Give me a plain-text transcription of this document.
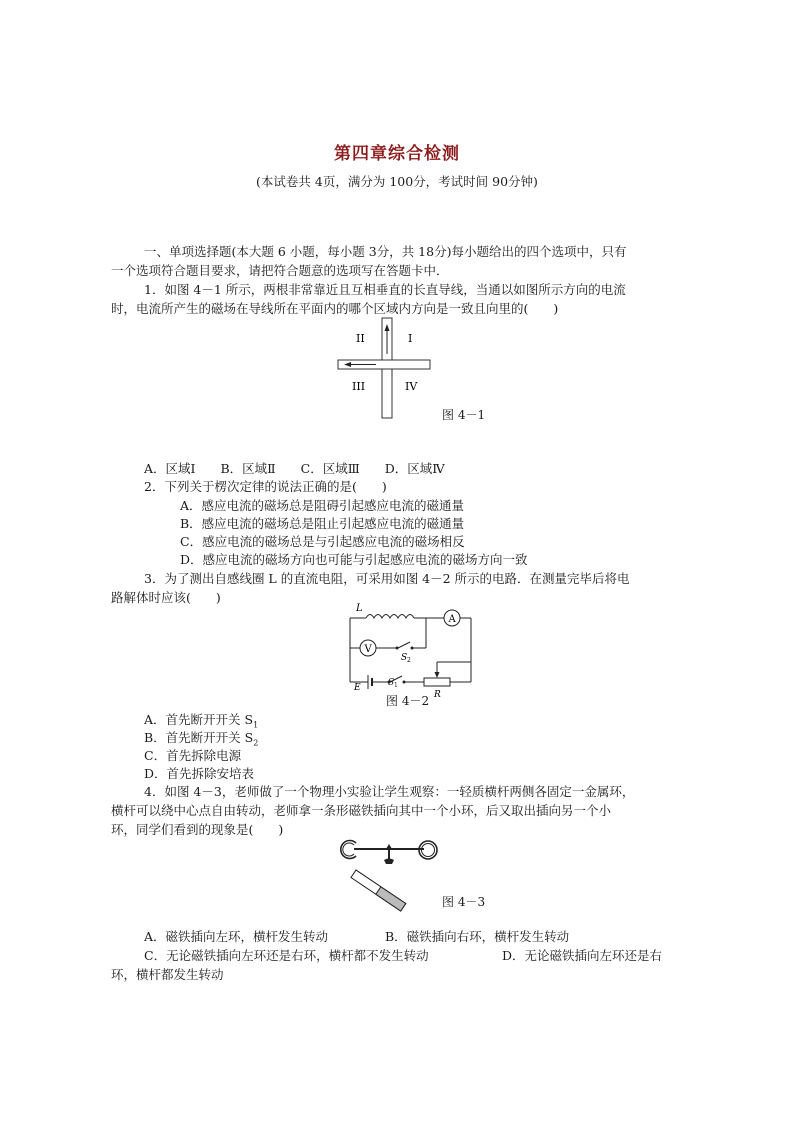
第四章综合检测
(本试卷共 4页，满分为 100分，考试时间 90分钟)
一、单项选择题(本大题 6 小题，每小题 3分，共 18分)每小题给出的四个选项中，只有
一个选项符合题目要求，请把符合题意的选项写在答题卡中．
1．如图 4－1 所示，两根非常靠近且互相垂直的长直导线，当通以如图所示方向的电流
时，电流所产生的磁场在导线所在平面内的哪个区域内方向是一致且向里的(　　)
II	I
III	IV
图 4－1
A．区域Ⅰ　　B．区域Ⅱ　　C．区域Ⅲ　　D．区域Ⅳ
2．下列关于楞次定律的说法正确的是(　　)
A．感应电流的磁场总是阻碍引起感应电流的磁通量
B．感应电流的磁场总是阻止引起感应电流的磁通量
C．感应电流的磁场总是与引起感应电流的磁场相反
D．感应电流的磁场方向也可能与引起感应电流的磁场方向一致
3．为了测出自感线圈 L 的直流电阻，可采用如图 4－2 所示的电路．在测量完毕后将电
路解体时应该(　　)
A
L
V
S 2
E
R
图 4－2
S 1
A．首先断开开关 $S_1$
B．首先断开开关 $S_2$
C．首先拆除电源
D．首先拆除安培表
4．如图 4－3，老师做了一个物理小实验让学生观察：一轻质横杆两侧各固定一金属环，
横杆可以绕中心点自由转动，老师拿一条形磁铁插向其中一个小环，后又取出插向另一个小
环，同学们看到的现象是(　　)
图 4－3
A．磁铁插向左环，横杆发生转动	B．磁铁插向右环，横杆发生转动
C．无论磁铁插向左环还是右环，横杆都不发生转动	D．无论磁铁插向左环还是右
环，横杆都发生转动
